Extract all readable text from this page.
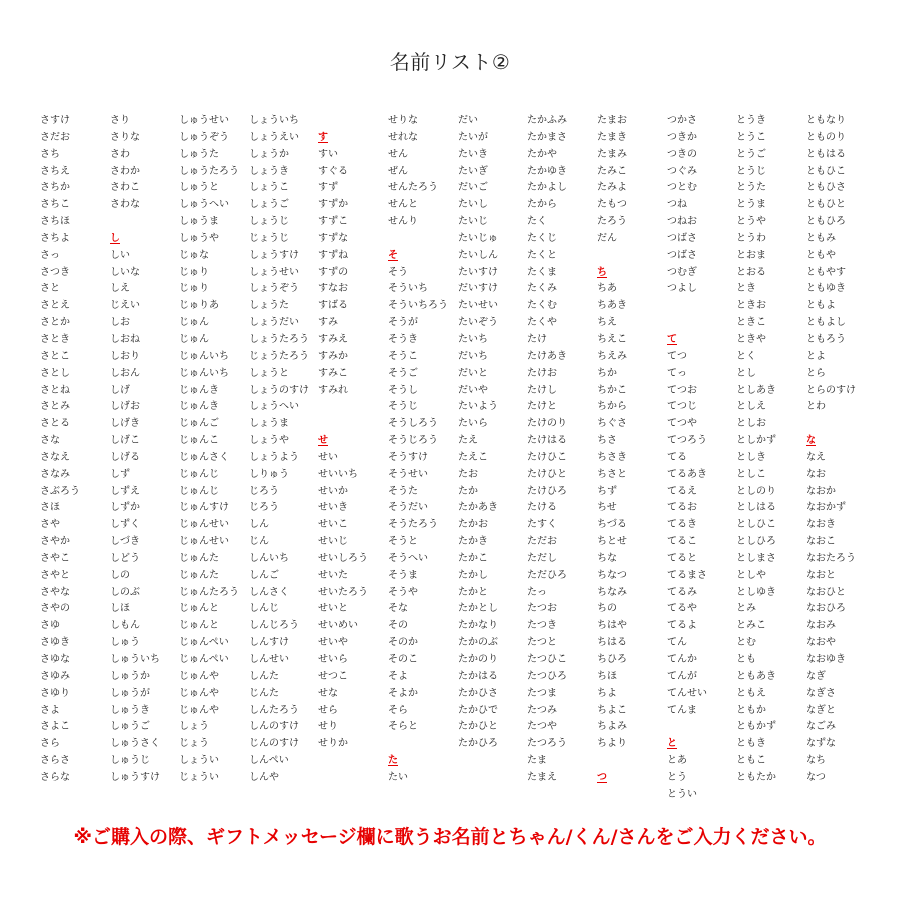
名前リスト②
さすけ
さだお
さち
さちえ
さちか
さちこ
さちほ
さちよ
さっ
さつき
さと
さとえ
さとか
さとき
さとこ
さとし
さとね
さとみ
さとる
さな
さなえ
さなみ
さぶろう
さほ
さや
さやか
さやこ
さやと
さやな
さやの
さゆ
さゆき
さゆな
さゆみ
さゆり
さよ
さよこ
さら
さらさ
さらな
さり
さりな
さわ
さわか
さわこ
さわな
し
しい
しいな
しえ
じえい
しお
しおね
しおり
しおん
しげ
しげお
しげき
しげこ
しげる
しず
しずえ
しずか
しずく
しづき
しどう
しの
しのぶ
しほ
しもん
しゅう
しゅういち
しゅうか
しゅうが
しゅうき
しゅうご
しゅうさく
しゅうじ
しゅうすけ
しゅうせい
しゅうぞう
しゅうた
しゅうたろう
しゅうと
しゅうへい
しゅうま
しゅうや
じゅな
じゅり
じゅり
じゅりあ
じゅん
じゅん
じゅんいち
じゅんいち
じゅんき
じゅんき
じゅんご
じゅんこ
じゅんさく
じゅんじ
じゅんじ
じゅんすけ
じゅんせい
じゅんせい
じゅんた
じゅんた
じゅんたろう
じゅんと
じゅんと
じゅんぺい
じゅんぺい
じゅんや
じゅんや
じゅんや
しょう
じょう
しょうい
じょうい
しょういち
しょうえい
しょうか
しょうき
しょうこ
しょうご
しょうじ
じょうじ
しょうすけ
しょうせい
しょうぞう
しょうた
しょうだい
しょうたろう
じょうたろう
しょうと
しょうのすけ
しょうへい
しょうま
しょうや
しょうよう
しりゅう
じろう
じろう
しん
じん
しんいち
しんご
しんさく
しんじ
しんじろう
しんすけ
しんせい
しんた
じんた
しんたろう
しんのすけ
じんのすけ
しんぺい
しんや
す
すい
すぐる
すず
すずか
すずこ
すずな
すずね
すずの
すなお
すばる
すみ
すみえ
すみか
すみこ
すみれ
せ
せい
せいいち
せいか
せいき
せいこ
せいじ
せいしろう
せいた
せいたろう
せいと
せいめい
せいや
せいら
せつこ
せな
せら
せり
せりか
せりな
せれな
せん
ぜん
せんたろう
せんと
せんり
そ
そう
そういち
そういちろう
そうが
そうき
そうこ
そうご
そうし
そうじ
そうしろう
そうじろう
そうすけ
そうせい
そうた
そうだい
そうたろう
そうと
そうへい
そうま
そうや
そな
その
そのか
そのこ
そよ
そよか
そら
そらと
た
たい
だい
たいが
たいき
たいぎ
だいご
たいし
たいじ
たいじゅ
たいしん
たいすけ
だいすけ
たいせい
たいぞう
たいち
だいち
だいと
だいや
たいよう
たいら
たえ
たえこ
たお
たか
たかあき
たかお
たかき
たかこ
たかし
たかと
たかとし
たかなり
たかのぶ
たかのり
たかはる
たかひさ
たかひで
たかひと
たかひろ
たかふみ
たかまさ
たかや
たかゆき
たかよし
たから
たく
たくじ
たくと
たくま
たくみ
たくむ
たくや
たけ
たけあき
たけお
たけし
たけと
たけのり
たけはる
たけひこ
たけひと
たけひろ
たける
たすく
ただお
ただし
ただひろ
たっ
たつお
たつき
たつと
たつひこ
たつひろ
たつま
たつみ
たつや
たつろう
たま
たまえ
たまお
たまき
たまみ
たみこ
たみよ
たもつ
たろう
だん
ち
ちあ
ちあき
ちえ
ちえこ
ちえみ
ちか
ちかこ
ちから
ちぐさ
ちさ
ちさき
ちさと
ちず
ちせ
ちづる
ちとせ
ちな
ちなつ
ちなみ
ちの
ちはや
ちはる
ちひろ
ちほ
ちよ
ちよこ
ちよみ
ちより
つ
つかさ
つきか
つきの
つぐみ
つとむ
つね
つねお
つばさ
つばさ
つむぎ
つよし
て
てつ
てっ
てつお
てつじ
てつや
てつろう
てる
てるあき
てるえ
てるお
てるき
てるこ
てると
てるまさ
てるみ
てるや
てるよ
てん
てんか
てんが
てんせい
てんま
と
とあ
とう
とうい
とうき
とうこ
とうご
とうじ
とうた
とうま
とうや
とうわ
とおま
とおる
とき
ときお
ときこ
ときや
とく
とし
としあき
としえ
としお
としかず
としき
としこ
としのり
としはる
としひこ
としひろ
としまさ
としや
としゆき
とみ
とみこ
とむ
とも
ともあき
ともえ
ともか
ともかず
ともき
ともこ
ともたか
ともなり
とものり
ともはる
ともひこ
ともひさ
ともひと
ともひろ
ともみ
ともや
ともやす
ともゆき
ともよ
ともよし
ともろう
とよ
とら
とらのすけ
とわ
な
なえ
なお
なおか
なおかず
なおき
なおこ
なおたろう
なおと
なおひと
なおひろ
なおみ
なおや
なおゆき
なぎ
なぎさ
なぎと
なごみ
なずな
なち
なつ
※ご購入の際、ギフトメッセージ欄に歌うお名前とちゃん/くん/さんをご入力ください。
